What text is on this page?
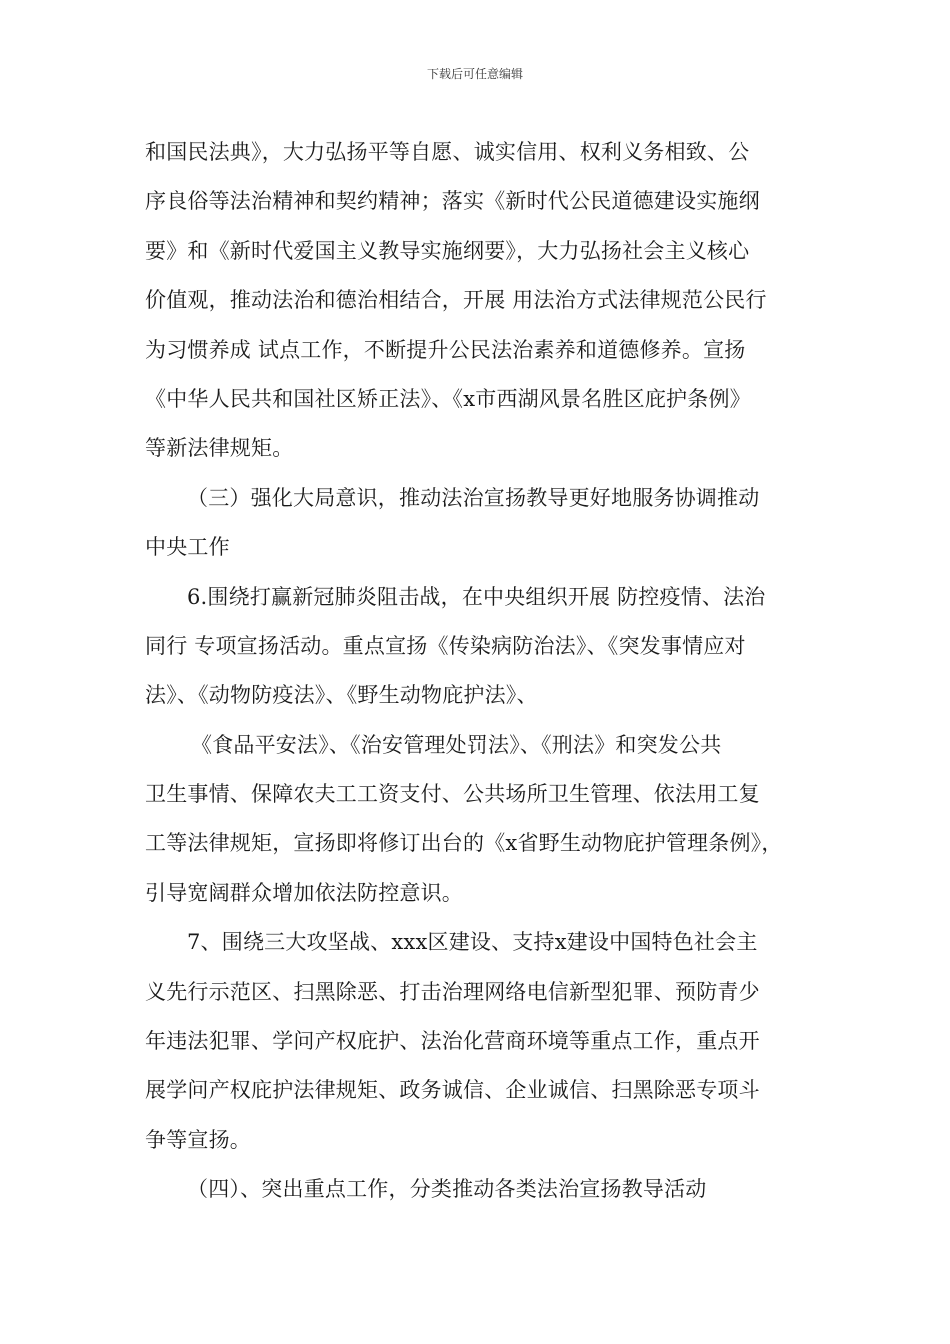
下载后可任意编辑
和国民法典》，大力弘扬平等自愿、诚实信用、权利义务相致、公
序良俗等法治精神和契约精神；落实《新时代公民道德建设实施纲
要》和《新时代爱国主义教导实施纲要》，大力弘扬社会主义核心
价值观，推动法治和德治相结合，开展 用法治方式法律规范公民行
为习惯养成 试点工作，不断提升公民法治素养和道德修养。宣扬
《中华人民共和国社区矫正法》、《x市西湖风景名胜区庇护条例》
等新法律规矩。
（三）强化大局意识，推动法治宣扬教导更好地服务协调推动
中央工作
6.围绕打赢新冠肺炎阻击战，在中央组织开展 防控疫情、法治
同行 专项宣扬活动。重点宣扬《传染病防治法》、《突发事情应对
法》、《动物防疫法》、《野生动物庇护法》、
《食品平安法》、《治安管理处罚法》、《刑法》和突发公共
卫生事情、保障农夫工工资支付、公共场所卫生管理、依法用工复
工等法律规矩，宣扬即将修订出台的《x省野生动物庇护管理条例》，
引导宽阔群众增加依法防控意识。
7、围绕三大攻坚战、xxx区建设、支持x建设中国特色社会主
义先行示范区、扫黑除恶、打击治理网络电信新型犯罪、预防青少
年违法犯罪、学问产权庇护、法治化营商环境等重点工作，重点开
展学问产权庇护法律规矩、政务诚信、企业诚信、扫黑除恶专项斗
争等宣扬。
（四）、突出重点工作，分类推动各类法治宣扬教导活动
